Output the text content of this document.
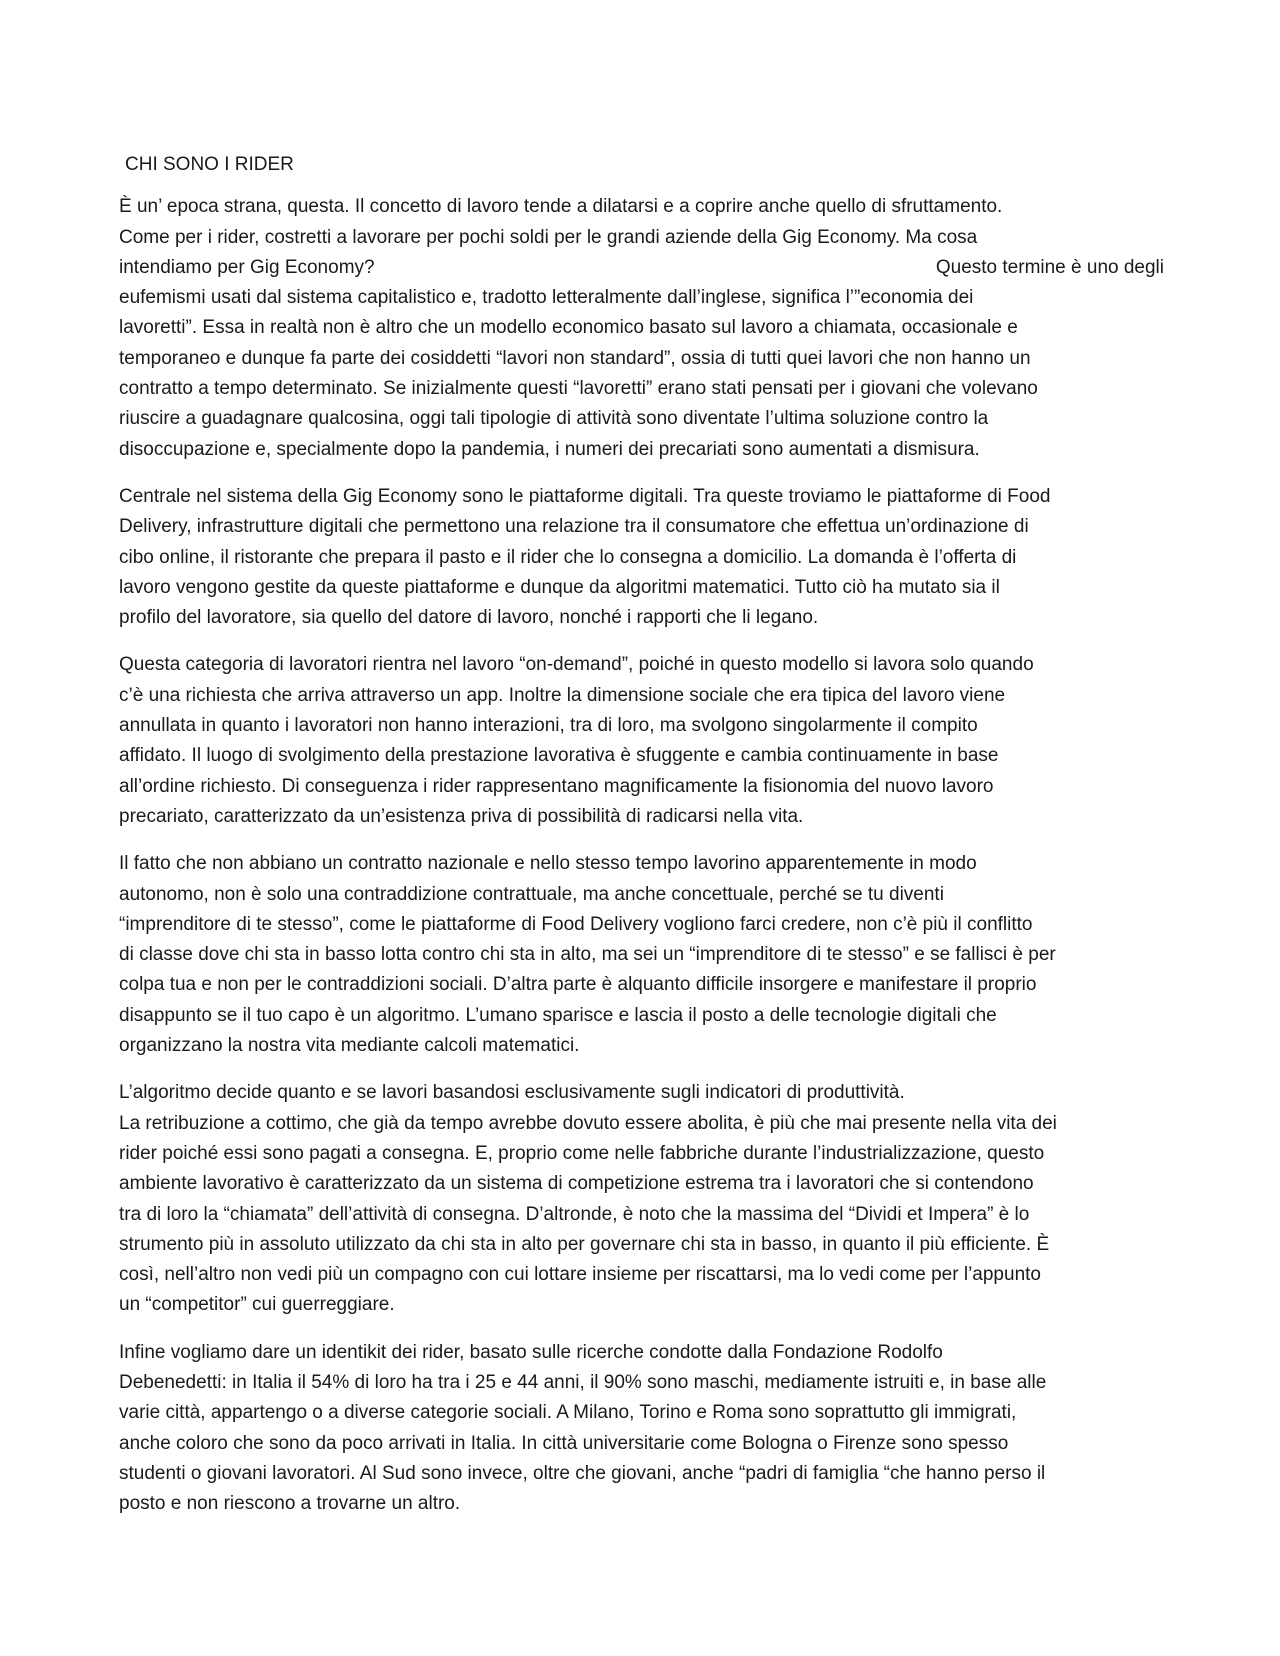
CHI SONO I RIDER

È un’ epoca strana, questa. Il concetto di lavoro tende a dilatarsi e a coprire anche quello di sfruttamento.
Come per i rider, costretti a lavorare per pochi soldi per le grandi aziende della Gig Economy. Ma cosa
intendiamo per Gig Economy?	Questo termine è uno degli
eufemismi usati dal sistema capitalistico e, tradotto letteralmente dall’inglese, significa l’”economia dei
lavoretti”. Essa in realtà non è altro che un modello economico basato sul lavoro a chiamata, occasionale e
temporaneo e dunque fa parte dei cosiddetti “lavori non standard”, ossia di tutti quei lavori che non hanno un
contratto a tempo determinato. Se inizialmente questi “lavoretti” erano stati pensati per i giovani che volevano
riuscire a guadagnare qualcosina, oggi tali tipologie di attività sono diventate l’ultima soluzione contro la
disoccupazione e, specialmente dopo la pandemia, i numeri dei precariati sono aumentati a dismisura.

Centrale nel sistema della Gig Economy sono le piattaforme digitali. Tra queste troviamo le piattaforme di Food
Delivery, infrastrutture digitali che permettono una relazione tra il consumatore che effettua un’ordinazione di
cibo online, il ristorante che prepara il pasto e il rider che lo consegna a domicilio. La domanda è l’offerta di
lavoro vengono gestite da queste piattaforme e dunque da algoritmi matematici. Tutto ciò ha mutato sia il
profilo del lavoratore, sia quello del datore di lavoro, nonché i rapporti che li legano.

Questa categoria di lavoratori rientra nel lavoro “on-demand”, poiché in questo modello si lavora solo quando
c’è una richiesta che arriva attraverso un app. Inoltre la dimensione sociale che era tipica del lavoro viene
annullata in quanto i lavoratori non hanno interazioni, tra di loro, ma svolgono singolarmente il compito
affidato. Il luogo di svolgimento della prestazione lavorativa è sfuggente e cambia continuamente in base
all’ordine richiesto. Di conseguenza i rider rappresentano magnificamente la fisionomia del nuovo lavoro
precariato, caratterizzato da un’esistenza priva di possibilità di radicarsi nella vita.

Il fatto che non abbiano un contratto nazionale e nello stesso tempo lavorino apparentemente in modo
autonomo, non è solo una contraddizione contrattuale, ma anche concettuale, perché se tu diventi
“imprenditore di te stesso”, come le piattaforme di Food Delivery vogliono farci credere, non c’è più il conflitto
di classe dove chi sta in basso lotta contro chi sta in alto, ma sei un “imprenditore di te stesso” e se fallisci è per
colpa tua e non per le contraddizioni sociali. D’altra parte è alquanto difficile insorgere e manifestare il proprio
disappunto se il tuo capo è un algoritmo. L’umano sparisce e lascia il posto a delle tecnologie digitali che
organizzano la nostra vita mediante calcoli matematici.

L’algoritmo decide quanto e se lavori basandosi esclusivamente sugli indicatori di produttività.
La retribuzione a cottimo, che già da tempo avrebbe dovuto essere abolita, è più che mai presente nella vita dei
rider poiché essi sono pagati a consegna. E, proprio come nelle fabbriche durante l’industrializzazione, questo
ambiente lavorativo è caratterizzato da un sistema di competizione estrema tra i lavoratori che si contendono
tra di loro la “chiamata” dell’attività di consegna. D’altronde, è noto che la massima del “Dividi et Impera” è lo
strumento più in assoluto utilizzato da chi sta in alto per governare chi sta in basso, in quanto il più efficiente. È
così, nell’altro non vedi più un compagno con cui lottare insieme per riscattarsi, ma lo vedi come per l’appunto
un “competitor” cui guerreggiare.

Infine vogliamo dare un identikit dei rider, basato sulle ricerche condotte dalla Fondazione Rodolfo
Debenedetti: in Italia il 54% di loro ha tra i 25 e 44 anni, il 90% sono maschi, mediamente istruiti e, in base alle
varie città, appartengo o a diverse categorie sociali. A Milano, Torino e Roma sono soprattutto gli immigrati,
anche coloro che sono da poco arrivati in Italia. In città universitarie come Bologna o Firenze sono spesso
studenti o giovani lavoratori. Al Sud sono invece, oltre che giovani, anche “padri di famiglia “che hanno perso il
posto e non riescono a trovarne un altro.
